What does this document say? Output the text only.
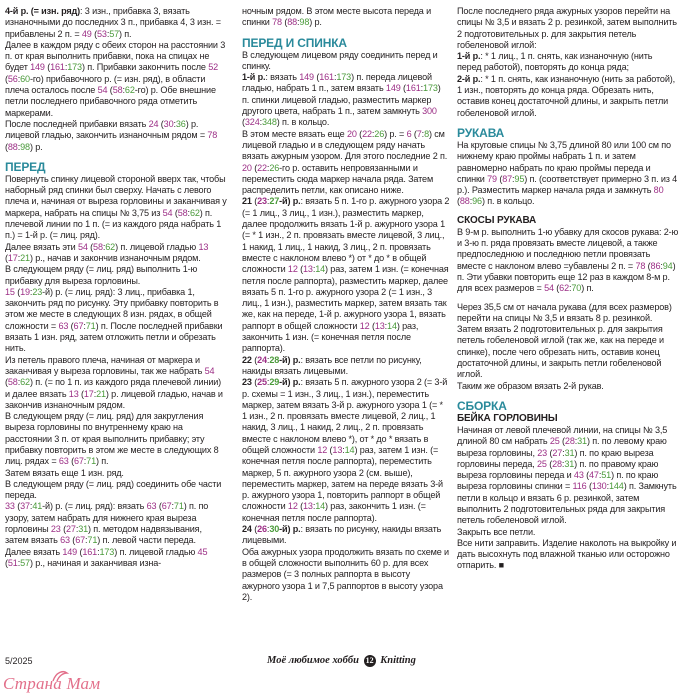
4-й р. (= изн. ряд): 3 изн., прибавка 3, вязать изнаночными до последних 3 п., прибавка 4, 3 изн. = прибавлены 2 п. = 49 (53:57) п.

Далее в каждом ряду с обеих сторон на расстоянии 3 п. от края выполнить прибавки, пока на спицах не будет 149 (161:173) п. Прибавки закончить после 52 (56:60-го) прибавочного р. (= изн. ряд), в области плеча осталось после 54 (58:62-го) р. Обе внешние петли последнего прибавочного ряда отметить маркерами.

После последней прибавки вязать 24 (30:36) р. лицевой гладью, закончить изнаночным рядом = 78 (88:98) р.

ПЕРЕД

Повернуть спинку лицевой стороной вверх так, чтобы наборный ряд спинки был сверху. Начать с левого плеча и, начиная от выреза горловины и заканчивая у маркера, набрать на спицы № 3,75 из 54 (58:62) п. плечевой линии по 1 п. (= из каждого ряда набрать 1 п.) = 1-й р. (= лиц. ряд).

Далее вязать эти 54 (58:62) п. лицевой гладью 13 (17:21) р., начав и закончив изнаночным рядом.

В следующем ряду (= лиц. ряд) выполнить 1-ю прибавку для выреза горловины.

15 (19:23-й) р. (= лиц. ряд): 3 лиц., прибавка 1, закончить ряд по рисунку. Эту прибавку повторить в этом же месте в следующих 8 изн. рядах, в общей сложности = 63 (67:71) п. После последней прибавки вязать 1 изн. ряд, затем отложить петли и обрезать нить.

Из петель правого плеча, начиная от маркера и заканчивая у выреза горловины, так же набрать 54 (58:62) п. (= по 1 п. из каждого ряда плечевой линии) и далее вязать 13 (17:21) р. лицевой гладью, начав и закончив изнаночным рядом.

В следующем ряду (= лиц. ряд) для закругления выреза горловины по внутреннему краю на расстоянии 3 п. от края выполнить прибавку; эту прибавку повторить в этом же месте в следующих 8 лиц. рядах = 63 (67:71) п.

Затем вязать еще 1 изн. ряд.

В следующем ряду (= лиц. ряд) соединить обе части переда.

33 (37:41-й) р. (= лиц. ряд): вязать 63 (67:71) п. по узору, затем набрать для нижнего края выреза горловины 23 (27:31) п. методом надвязывания, затем вязать 63 (67:71) п. левой части переда.

Далее вязать 149 (161:173) п. лицевой гладью 45 (51:57) р., начиная и заканчивая изна-

ночным рядом. В этом месте высота переда и спинки 78 (88:98) р.

ПЕРЕД И СПИНКА

В следующем лицевом ряду соединить перед и спинку.

1-й р.: вязать 149 (161:173) п. переда лицевой гладью, набрать 1 п., затем вязать 149 (161:173) п. спинки лицевой гладью, разместить маркер другого цвета, набрать 1 п., затем замкнуть 300 (324:348) п. в кольцо.

В этом месте вязать еще 20 (22:26) р. = 6 (7:8) см лицевой гладью и в следующем ряду начать вязать ажурным узором. Для этого последние 2 п. 20 (22:26-го р. оставить непровязанными и переместить сюда маркер начала ряда. Затем распределить петли, как описано ниже.

21 (23:27-й) р.: вязать 5 п. 1-го р. ажурного узора 2 (= 1 лиц., 3 лиц., 1 изн.), разместить маркер, далее продолжить вязать 1-й р. ажурного узора 1 (= * 1 изн., 2 п. провязать вместе лицевой, 3 лиц., 1 накид, 1 лиц., 1 накид, 3 лиц., 2 п. провязать вместе с наклоном влево *) от * до * в общей сложности 12 (13:14) раз, затем 1 изн. (= конечная петля после раппорта), разместить маркер, далее вязать 5 п. 1-го р. ажурного узора 2 (= 1 изн., 3 лиц., 1 изн.), разместить маркер, затем вязать так же, как на переде, 1-й р. ажурного узора 1, вязать раппорт в общей сложности 12 (13:14) раз, закончить 1 изн. (= конечная петля после раппорта).

22 (24:28-й) р.: вязать все петли по рисунку, накиды вязать лицевыми.

23 (25:29-й) р.: вязать 5 п. ажурного узора 2 (= 3-й р. схемы = 1 изн., 3 лиц., 1 изн.), переместить маркер, затем вязать 3-й р. ажурного узора 1 (= * 1 изн., 2 п. провязать вместе лицевой, 2 лиц., 1 накид, 3 лиц., 1 накид, 2 лиц., 2 п. провязать вместе с наклоном влево *), от * до * вязать в общей сложности 12 (13:14) раз, затем 1 изн. (= конечная петля после раппорта), переместить маркер, 5 п. ажурного узора 2 (см. выше), переместить маркер, затем на переде вязать 3-й р. ажурного узора 1, повторить раппорт в общей сложности 12 (13:14) раз, закончить 1 изн. (= конечная петля после раппорта).

24 (26:30-й) р.: вязать по рисунку, накиды вязать лицевыми.

Оба ажурных узора продолжить вязать по схеме и в общей сложности выполнить 60 р. для всех размеров (= 3 полных раппорта в высоту ажурного узора 1 и 7,5 раппортов в высоту узора 2).

После последнего ряда ажурных узоров перейти на спицы № 3,5 и вязать 2 р. резинкой, затем выполнить 2 подготовительных р. для закрытия петель гобеленовой иглой:

1-й р.: * 1 лиц., 1 п. снять, как изнаночную (нить перед работой), повторять до конца ряда;

2-й р.: * 1 п. снять, как изнаночную (нить за работой), 1 изн., повторять до конца ряда. Обрезать нить, оставив конец достаточной длины, и закрыть петли гобеленовой иглой.

РУКАВА

На круговые спицы № 3,75 длиной 80 или 100 см по нижнему краю проймы набрать 1 п. и затем равномерно набрать по краю проймы переда и спинки 79 (87:95) п. (соответствует примерно 3 п. из 4 р.). Разместить маркер начала ряда и замкнуть 80 (88:96) п. в кольцо.

СКОСЫ РУКАВА

В 9-м р. выполнить 1-ю убавку для скосов рукава: 2-ю и 3-ю п. ряда провязать вместе лицевой, а также предпоследнюю и последнюю петли провязать вместе с наклоном влево =убавлены 2 п. = 78 (86:94) п. Эти убавки повторить еще 12 раз в каждом 8-м р. для всех размеров = 54 (62:70) п.

Через 35,5 см от начала рукава (для всех размеров) перейти на спицы № 3,5 и вязать 8 р. резинкой.

Затем вязать 2 подготовительных р. для закрытия петель гобеленовой иглой (так же, как на переде и спинке), после чего обрезать нить, оставив конец достаточной длины, и закрыть петли гобеленовой иглой.

Таким же образом вязать 2-й рукав.

СБОРКА

БЕЙКА ГОРЛОВИНЫ

Начиная от левой плечевой линии, на спицы № 3,5 длиной 80 см набрать 25 (28:31) п. по левому краю выреза горловины, 23 (27:31) п. по краю выреза горловины переда, 25 (28:31) п. по правому краю выреза горловины переда и 43 (47:51) п. по краю выреза горловины спинки = 116 (130:144) п. Замкнуть петли в кольцо и вязать 6 р. резинкой, затем выполнить 2 подготовительных ряда для закрытия петель гобеленовой иглой.

Закрыть все петли.

Все нити заправить. Изделие наколоть на выкройку и дать высохнуть под влажной тканью или осторожно отпарить. ■

5/2025	Моё любимое хобби 12 Knitting
Страна Мам
